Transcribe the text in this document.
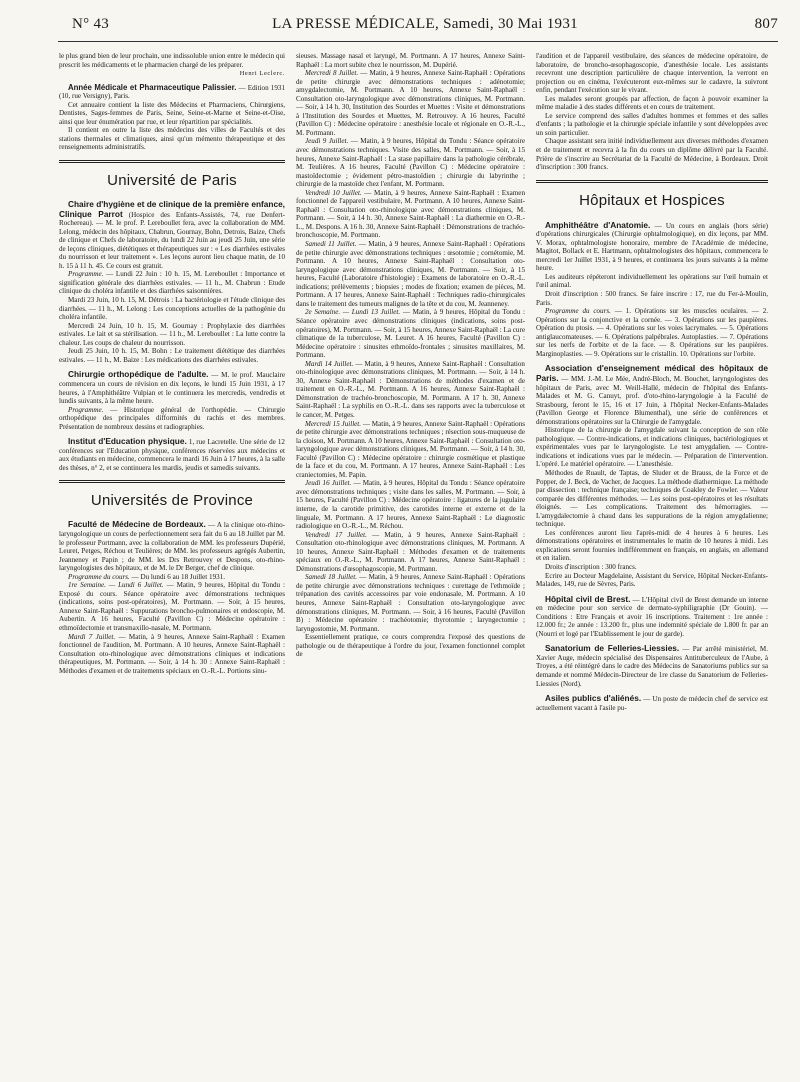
N° 43	LA PRESSE MÉDICALE, Samedi, 30 Mai 1931	807

le plus grand bien de leur prochain, une indissoluble union entre le médecin qui prescrit les médicaments et le pharmacien chargé de les préparer.

Henri Leclerc.

Année Médicale et Pharmaceutique Palissier. — Edition 1931 (10, rue Versigny), Paris.

Cet annuaire contient la liste des Médecins et Pharmaciens, Chirurgiens, Dentistes, Sages-femmes de Paris, Seine, Seine-et-Marne et Seine-et-Oise, ainsi que leur énumération par rue, et leur répartition par spécialités.

Il contient en outre la liste des médecins des villes de Facultés et des stations thermales et climatiques, ainsi qu'un mémento thérapeutique et des renseignements administratifs.

Université de Paris

Chaire d'hygiène et de clinique de la première enfance, Clinique Parrot (Hospice des Enfants-Assistés, 74, rue Denfert-Rochereau). — M. le prof. P. Lereboullet fera, avec la collaboration de MM. Lelong, médecin des hôpitaux, Chabrun, Gournay, Bohn, Detrois, Baize, Chefs de clinique et Chefs de laboratoire, du lundi 22 Juin au jeudi 25 Juin, une série de leçons cliniques, diététiques et thérapeutiques sur : « Les diarrhées estivales du nourrisson et leur traitement ». Les leçons auront lieu chaque matin, de 10 h. 15 à 11 h. 45. Ce cours est gratuit.

Programme. — Lundi 22 Juin : 10 h. 15, M. Lereboullet : Importance et signification générale des diarrhées estivales. — 11 h., M. Chabrun : Etude clinique du choléra infantile et des diarrhées saisonnières.

Mardi 23 Juin, 10 h. 15, M. Détrois : La bactériologie et l'étude clinique des diarrhées. — 11 h., M. Lelong : Les conceptions actuelles de la pathogénie du choléra infantile.

Mercredi 24 Juin, 10 h. 15, M. Gournay : Prophylaxie des diarrhées estivales. Le lait et sa stérilisation. — 11 h., M. Lereboullet : La lutte contre la chaleur. Les coups de chaleur du nourrisson.

Jeudi 25 Juin, 10 h. 15, M. Bohn : Le traitement diététique des diarrhées estivales. — 11 h., M. Baize : Les médications des diarrhées estivales.

Chirurgie orthopédique de l'adulte. — M. le prof. Mauclaire commencera un cours de révision en dix leçons, le lundi 15 Juin 1931, à 17 heures, à l'Amphithéâtre Vulpian et le continuera les mercredis, vendredis et lundis suivants, à la même heure.

Programme. — Historique général de l'orthopédie. — Chirurgie orthopédique des principales difformités du rachis et des membres. Présentation de nombreux dessins et radiographies.

Institut d'Education physique. 1, rue Lacretelle. Une série de 12 conférences sur l'Education physique, conférences réservées aux médecins et aux étudiants en médecine, commencera le mardi 16 Juin à 17 heures, à la salle des thèses, n° 2, et se continuera les mardis, jeudis et samedis suivants.

Universités de Province

Faculté de Médecine de Bordeaux. — A la clinique oto-rhino-laryngologique un cours de perfectionnement sera fait du 6 au 18 Juillet par M. le professeur Portmann, avec la collaboration de MM. les professeurs Dupérié, Leuret, Petges, Réchou et Teulières; de MM. les professeurs agrégés Aubertin, Jeanneney et Papin ; de MM. les Drs Retrouvey et Despons, oto-rhino-laryngologistes des hôpitaux, et de M. le Dr Berger, chef de clinique.

Programme du cours. — Du lundi 6 au 18 Juillet 1931.

1re Semaine. — Lundi 6 Juillet. — Matin, 9 heures, Hôpital du Tondu : Exposé du cours. Séance opératoire avec démonstrations techniques (indications, soins post-opératoires), M. Portmann. — Soir, à 15 heures, Annexe Saint-Raphaël : Suppurations broncho-pulmonaires et endoscopie, M. Aubertin. A 16 heures, Faculté (Pavillon C) : Médecine opératoire : ethmoïdectomie et transmaxillo-nasale, M. Portmann.

Mardi 7 Juillet. — Matin, à 9 heures, Annexe Saint-Raphaël : Examen fonctionnel de l'audition, M. Portmann. A 10 heures, Annexe Saint-Raphaël : Consultation oto-rhinologique avec démonstrations cliniques et indications thérapeutiques, M. Portmann. — Soir, à 14 h. 30 : Annexe Saint-Raphaël : Méthodes d'examen et de traitements spéciaux en O.-R.-L. Portions sinu-

sieuses. Massage nasal et laryngé, M. Portmann. A 17 heures, Annexe Saint-Raphaël : La mort subite chez le nourrisson, M. Dupérié.

Mercredi 8 Juillet. — Matin, à 9 heures, Annexe Saint-Raphaël : Opérations de petite chirurgie avec démonstrations techniques : adénotomie; amygdalectomie, M. Portmann. A 10 heures, Annexe Saint-Raphaël : Consultation oto-laryngologique avec démonstrations cliniques, M. Portmann. — Soir, à 14 h. 30, Institution des Sourdes et Muettes : Visite et démonstrations à l'Institution des Sourdes et Muettes, M. Retrouvey. A 16 heures, Faculté (Pavillon C) : Médecine opératoire : anesthésie locale et régionale en O.-R.-L., M. Portmann.

Jeudi 9 Juillet. — Matin, à 9 heures, Hôpital du Tondu : Séance opératoire avec démonstrations techniques. Visite des salles, M. Portmann. — Soir, à 15 heures, Annexe Saint-Raphaël : La stase papillaire dans la pathologie cérébrale, M. Teulières. A 16 heures, Faculté (Pavillon C) : Médecine opératoire : mastoïdectomie ; évidement pétro-mastoïdien ; chirurgie du labyrinthe ; chirurgie de la mastoïde chez l'enfant, M. Portmann.

Vendredi 10 Juillet. — Matin, à 9 heures, Annexe Saint-Raphaël : Examen fonctionnel de l'appareil vestibulaire, M. Portmann. A 10 heures, Annexe Saint-Raphaël : Consultation oto-rhinologique avec démonstrations cliniques, M. Portmann. — Soir, à 14 h. 30, Annexe Saint-Raphaël : La diathermie en O.-R.-L., M. Despons. A 16 h. 30, Annexe Saint-Raphaël : Démonstrations de trachéo-bronchoscopie, M. Portmann.

Samedi 11 Juillet. — Matin, à 9 heures, Annexe Saint-Raphaël : Opérations de petite chirurgie avec démonstrations techniques : œsotomie ; cornétomie, M. Portmann. A 10 heures, Annexe Saint-Raphaël : Consultation oto-laryngologique avec démonstrations cliniques, M. Portmann. — Soir, à 15 heures, Faculté (Laboratoire d'histologie) : Examens de laboratoire en O.-R.-L. indications; prélèvements ; biopsies ; modes de fixation; examen de pièces, M. Portmann. A 17 heures, Annexe Saint-Raphaël : Techniques radio-chirurgicales dans le traitement des tumeurs malignes de la tête et du cou, M. Jeanneney.

2e Semaine. — Lundi 13 Juillet. — Matin, à 9 heures, Hôpital du Tondu : Séance opératoire avec démonstrations cliniques (indications, soins post-opératoires), M. Portmann. — Soir, à 15 heures, Annexe Saint-Raphaël : La cure climatique de la tuberculose, M. Leuret. A 16 heures, Faculté (Pavillon C) : Médecine opératoire : sinusites ethmoïdo-frontales ; sinusites maxillaires, M. Portmann.

Mardi 14 Juillet. — Matin, à 9 heures, Annexe Saint-Raphaël : Consultation oto-rhinologique avec démonstrations cliniques, M. Portmann. — Soir, à 14 h. 30, Annexe Saint-Raphaël : Démonstrations de méthodes d'examen et de traitement en O.-R.-L., M. Portmann. A 16 heures, Annexe Saint-Raphaël : Démonstration de trachéo-bronchoscopie, M. Portmann. A 17 h. 30, Annexe Saint-Raphaël : La syphilis en O.-R.-L. dans ses rapports avec la tuberculose et le cancer, M. Petges.

Mercredi 15 Juillet. — Matin, à 9 heures, Annexe Saint-Raphaël : Opérations de petite chirurgie avec démonstrations techniques ; résection sous-muqueuse de la cloison, M. Portmann. A 10 heures, Annexe Saint-Raphaël : Consultation oto-laryngologique avec démonstrations cliniques, M. Portmann. — Soir, à 14 h. 30, Faculté (Pavillon C) : Médecine opératoire : chirurgie cosmétique et plastique de la face et du cou, M. Portmann. A 17 heures, Annexe Saint-Raphaël : Les craniectomies, M. Papin.

Jeudi 16 Juillet. — Matin, à 9 heures, Hôpital du Tondu : Séance opératoire avec démonstrations techniques ; visite dans les salles, M. Portmann. — Soir, à 15 heures, Faculté (Pavillon C) : Médecine opératoire : ligatures de la jugulaire interne, de la carotide primitive, des carotides interne et externe et de la linguale, M. Portmann. A 17 heures, Annexe Saint-Raphaël : Le diagnostic radiologique en O.-R.-L., M. Réchou.

Vendredi 17 Juillet. — Matin, à 9 heures, Annexe Saint-Raphaël : Consultation oto-rhinologique avec démonstrations cliniques, M. Portmann. A 10 heures, Annexe Saint-Raphaël : Méthodes d'examen et de traitements spéciaux en O.-R.-L., M. Portmann. A 17 heures, Annexe Saint-Raphaël : Démonstrations d'œsophagoscopie, M. Portmann.

Samedi 18 Juillet. — Matin, à 9 heures, Annexe Saint-Raphaël : Opérations de petite chirurgie avec démonstrations techniques : curettage de l'ethmoïde ; trépanation des cavités accessoires par voie endonasale, M. Portmann. A 10 heures, Annexe Saint-Raphaël : Consultation oto-laryngologique avec démonstrations cliniques, M. Portmann. — Soir, à 16 heures, Faculté (Pavillon B) : Médecine opératoire : trachéotomie; thyrotomie ; laryngectomie ; laryngostomie, M. Portmann.

Essentiellement pratique, ce cours comprendra l'exposé des questions de pathologie ou de thérapeutique à l'ordre du jour, l'examen fonctionnel complet de

l'audition et de l'appareil vestibulaire, des séances de médecine opératoire, de laboratoire, de broncho-œsophagoscopie, d'anesthésie locale. Les assistants recevront une description particulière de chaque intervention, la verront en projection ou en cinéma, l'exécuteront eux-mêmes sur le cadavre, la suivront enfin, pendant l'exécution sur le vivant.

Les malades seront groupés par affection, de façon à pouvoir examiner la même maladie à des stades différents et en cours de traitement.

Le service comprend des salles d'adultes hommes et femmes et des salles d'enfants ; la pathologie et la chirurgie spéciale infantile y sont développées avec un soin particulier.

Chaque assistant sera initié individuellement aux diverses méthodes d'examen et de traitement et recevra à la fin du cours un diplôme délivré par la Faculté. Prière de s'inscrire au Secrétariat de la Faculté de Médecine, à Bordeaux. Droit d'inscription : 300 francs.

Hôpitaux et Hospices

Amphithéâtre d'Anatomie. — Un cours en anglais (hors série) d'opérations chirurgicales (Chirurgie ophtalmologique), en dix leçons, par MM. V. Morax, ophtalmologiste honoraire, membre de l'Académie de médecine, Magitot, Bollack et E. Hartmann, ophtalmologistes des hôpitaux, commencera le mercredi 1er Juillet 1931, à 9 heures, et continuera les jours suivants à la même heure.

Les auditeurs répéteront individuellement les opérations sur l'œil humain et l'œil animal.

Droit d'inscription : 500 francs. Se faire inscrire : 17, rue du Fer-à-Moulin, Paris.

Programme du cours. — 1. Opérations sur les muscles oculaires. — 2. Opérations sur la conjonctive et la cornée. — 3. Opérations sur les paupières. Opération du ptosis. — 4. Opérations sur les voies lacrymales. — 5. Opérations antiglaucomateuses. — 6. Opérations palpébrales. Autoplasties. — 7. Opérations sur les nerfs de l'orbite et de la face. — 8. Opérations sur les paupières. Marginoplasties. — 9. Opérations sur le cristallin. 10. Opérations sur l'orbite.

Association d'enseignement médical des hôpitaux de Paris. — MM. J.-M. Le Mée, André-Bloch, M. Bouchet, laryngologistes des hôpitaux de Paris, avec M. Weill-Hallé, médecin de l'hôpital des Enfants-Malades et M. G. Canuyt, prof. d'oto-rhino-laryngologie à la Faculté de Strasbourg, feront le 15, 16 et 17 Juin, à l'hôpital Necker-Enfants-Malades (Pavillon George et Florence Blumenthal), une série de conférences et démonstrations opératoires sur la Chirurgie de l'amygdale.

Historique de la chirurgie de l'amygdale suivant la conception de son rôle pathologique. — Contre-indications, et indications cliniques, bactériologiques et expérimentales vues par le laryngologiste. Le test amygdalien. — Contre-indications et indications vues par le médecin. — Préparation de l'intervention. L'opéré. Le matériel opératoire. — L'anesthésie.

Méthodes de Ruault, de Taptas, de Sluder et de Brauss, de la Force et de Popper, de J. Beck, de Vacher, de Jacques. La méthode diathermique. La méthode par dissection : technique française; techniques de Coakley de Fowler. — Valeur comparée des différentes méthodes. — Les soins post-opératoires et les résultats éloignés. — Les complications. Traitement des hémorragies. — L'amygdalectomie à chaud dans les suppurations de la région amygdalienne; technique.

Les conférences auront lieu l'après-midi de 4 heures à 6 heures. Les démonstrations opératoires et instrumentales le matin de 10 heures à midi. Les explications seront fournies indifféremment en français, en anglais, en allemand et en italien.

Droits d'inscription : 300 francs.

Ecrire au Docteur Magdelaine, Assistant du Service, Hôpital Necker-Enfants-Malades, 149, rue de Sèvres, Paris.

Hôpital civil de Brest. — L'Hôpital civil de Brest demande un interne en médecine pour son service de dermato-syphiligraphie (Dr Gouin). — Conditions : Etre Français et avoir 16 inscriptions. Traitement : 1re année : 12.000 fr.; 2e année : 13.200 fr., plus une indemnité spéciale de 1.800 fr. par an (Nourri et logé par l'Etablissement le jour de garde).

Sanatorium de Felleries-Liessies. — Par arrêté ministériel, M. Xavier Auge, médecin spécialisé des Dispensaires Antituberculeux de l'Aube, à Troyes, a été réintégré dans le cadre des Médecins de Sanatoriums publics sur sa demande et nommé Médecin-Directeur de 1re classe du Sanatorium de Felleries-Liessies (Nord).

Asiles publics d'aliénés. — Un poste de médecin chef de service est actuellement vacant à l'asile pu-
